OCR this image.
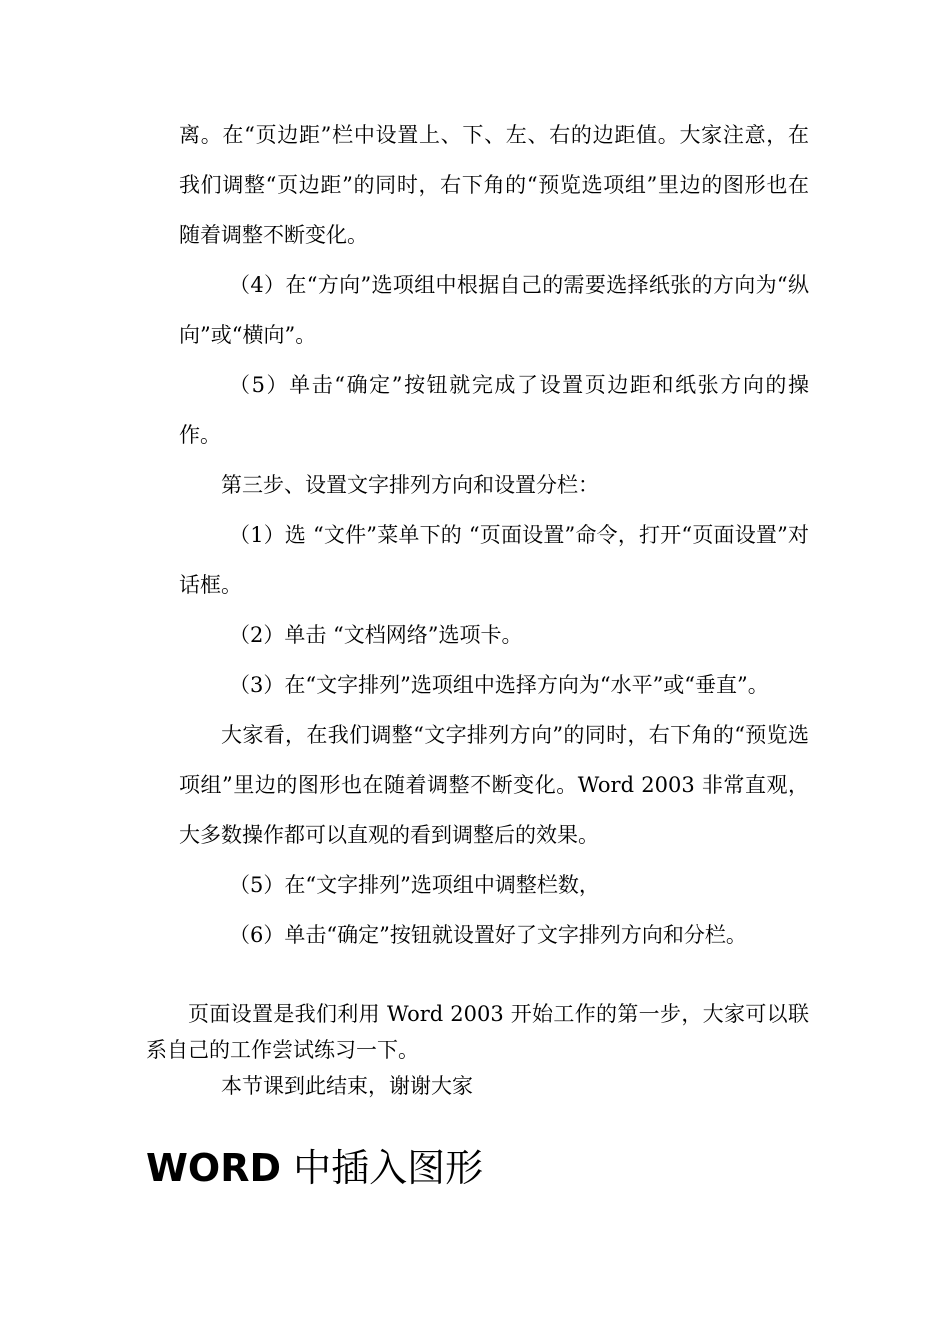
离。在“页边距”栏中设置上、下、左、右的边距值。大家注意，在我们调整“页边距”的同时，右下角的“预览选项组”里边的图形也在随着调整不断变化。

（4）在“方向”选项组中根据自己的需要选择纸张的方向为“纵向”或“横向”。

（5）单击“确定”按钮就完成了设置页边距和纸张方向的操作。

第三步、设置文字排列方向和设置分栏：

（1）选 “文件”菜单下的 “页面设置”命令，打开“页面设置”对话框。

（2）单击 “文档网络”选项卡。

（3）在“文字排列”选项组中选择方向为“水平”或“垂直”。

大家看，在我们调整“文字排列方向”的同时，右下角的“预览选项组”里边的图形也在随着调整不断变化。Word 2003 非常直观，大多数操作都可以直观的看到调整后的效果。

（5）在“文字排列”选项组中调整栏数，

（6）单击“确定”按钮就设置好了文字排列方向和分栏。

页面设置是我们利用 Word 2003 开始工作的第一步，大家可以联系自己的工作尝试练习一下。

本节课到此结束，谢谢大家

WORD 中插入图形
